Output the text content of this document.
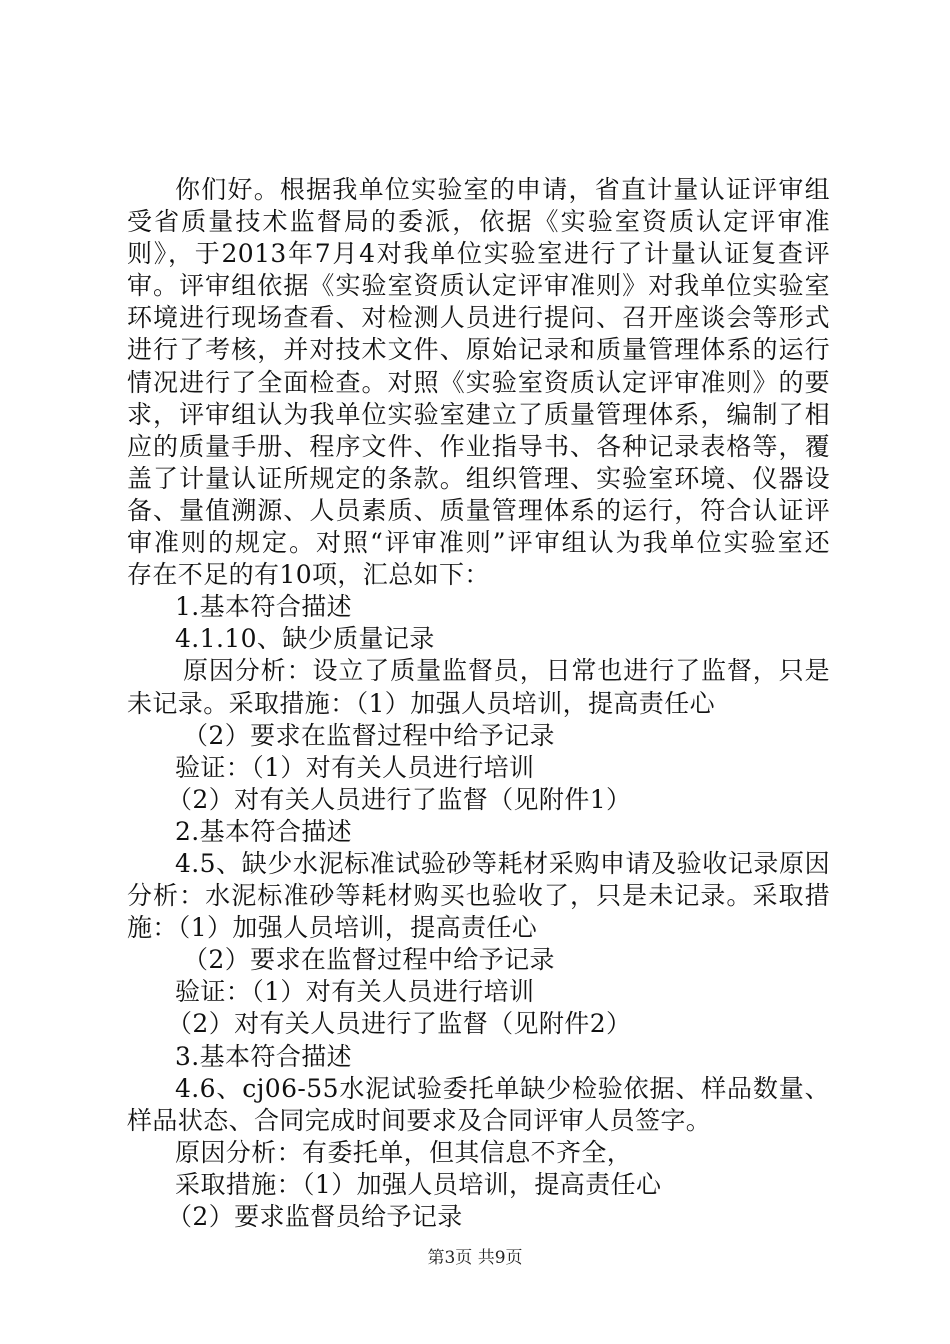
你们好。根据我单位实验室的申请，省直计量认证评审组
受省质量技术监督局的委派，依据《实验室资质认定评审准
则》，于2013年7月4对我单位实验室进行了计量认证复查评
审。评审组依据《实验室资质认定评审准则》对我单位实验室
环境进行现场查看、对检测人员进行提问、召开座谈会等形式
进行了考核，并对技术文件、原始记录和质量管理体系的运行
情况进行了全面检查。对照《实验室资质认定评审准则》的要
求，评审组认为我单位实验室建立了质量管理体系，编制了相
应的质量手册、程序文件、作业指导书、各种记录表格等，覆
盖了计量认证所规定的条款。组织管理、实验室环境、仪器设
备、量值溯源、人员素质、质量管理体系的运行，符合认证评
审准则的规定。对照“评审准则”评审组认为我单位实验室还
存在不足的有10项，汇总如下：
1.基本符合描述
4.1.10、缺少质量记录
原因分析：设立了质量监督员，日常也进行了监督，只是
未记录。采取措施：（1）加强人员培训，提高责任心
（2）要求在监督过程中给予记录
验证：（1）对有关人员进行培训
（2）对有关人员进行了监督（见附件1）
2.基本符合描述
4.5、缺少水泥标准试验砂等耗材采购申请及验收记录原因
分析：水泥标准砂等耗材购买也验收了，只是未记录。采取措
施：（1）加强人员培训，提高责任心
（2）要求在监督过程中给予记录
验证：（1）对有关人员进行培训
（2）对有关人员进行了监督（见附件2）
3.基本符合描述
4.6、cj06-55水泥试验委托单缺少检验依据、样品数量、
样品状态、合同完成时间要求及合同评审人员签字。
原因分析：有委托单，但其信息不齐全，
采取措施：（1）加强人员培训，提高责任心
（2）要求监督员给予记录
第3页 共9页
